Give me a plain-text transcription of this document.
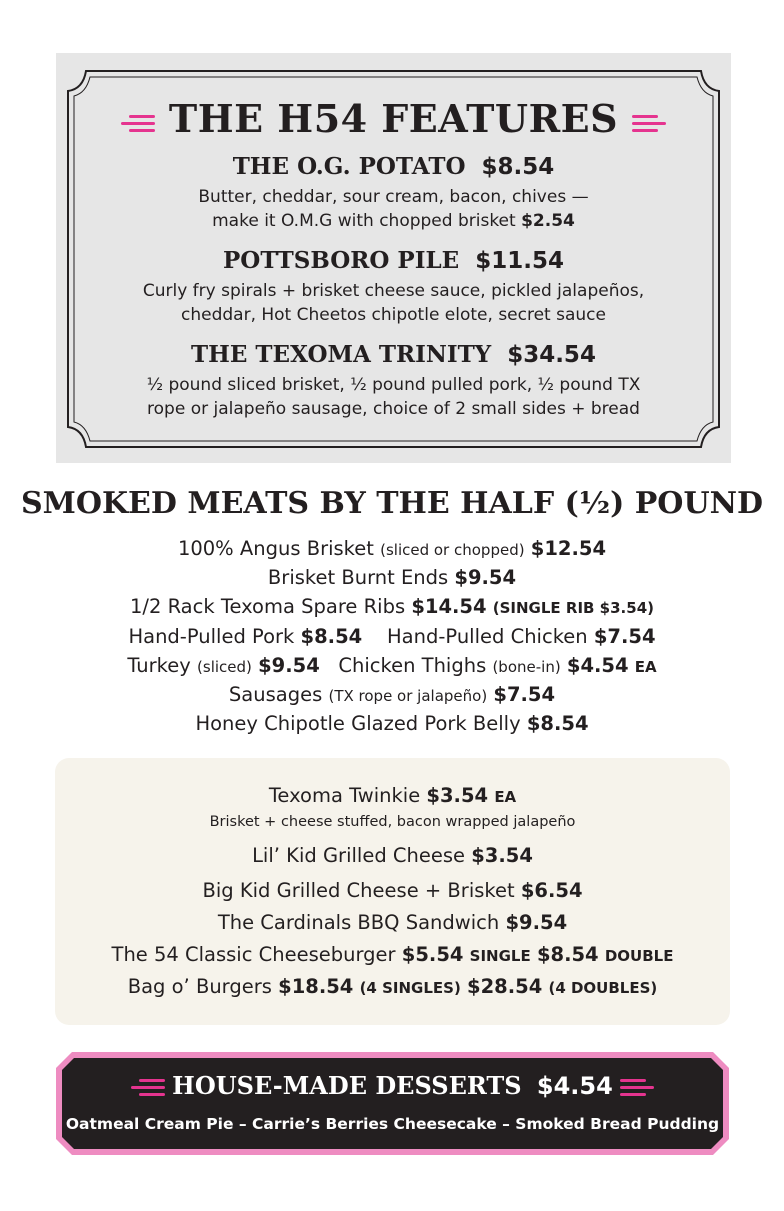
THE H54 FEATURES
THE O.G. POTATO $8.54
Butter, cheddar, sour cream, bacon, chives —
make it O.M.G with chopped brisket $2.54
POTTSBORO PILE $11.54
Curly fry spirals + brisket cheese sauce, pickled jalapeños,
cheddar, Hot Cheetos chipotle elote, secret sauce
THE TEXOMA TRINITY $34.54
½ pound sliced brisket, ½ pound pulled pork, ½ pound TX
rope or jalapeño sausage, choice of 2 small sides + bread
SMOKED MEATS BY THE HALF (½) POUND
100% Angus Brisket (sliced or chopped) $12.54
Brisket Burnt Ends $9.54
1/2 Rack Texoma Spare Ribs $14.54 (SINGLE RIB $3.54)
Hand-Pulled Pork $8.54 Hand-Pulled Chicken $7.54
Turkey (sliced) $9.54 Chicken Thighs (bone-in) $4.54 EA
Sausages (TX rope or jalapeño) $7.54
Honey Chipotle Glazed Pork Belly $8.54
Texoma Twinkie $3.54 EA
Brisket + cheese stuffed, bacon wrapped jalapeño
Lil’ Kid Grilled Cheese $3.54
Big Kid Grilled Cheese + Brisket $6.54
The Cardinals BBQ Sandwich $9.54
The 54 Classic Cheeseburger $5.54 SINGLE $8.54 DOUBLE
Bag o’ Burgers $18.54 (4 SINGLES) $28.54 (4 DOUBLES)
HOUSE-MADE DESSERTS $4.54
Oatmeal Cream Pie – Carrie’s Berries Cheesecake – Smoked Bread Pudding
